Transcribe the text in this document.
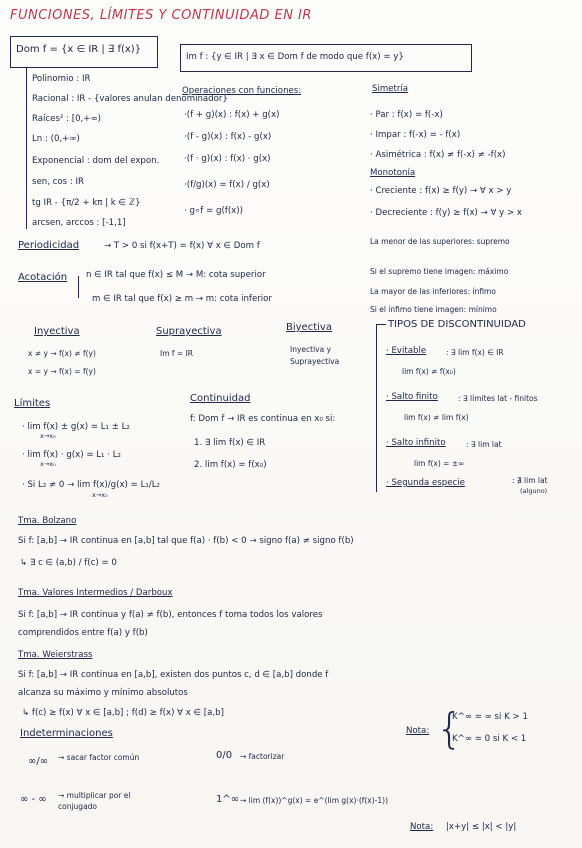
FUNCIONES, LÍMITES Y CONTINUIDAD EN IR
Dom f = {x ∈ IR | ∃ f(x)}
Polinomio : IR
Racional : IR - {valores anulan denominador}
Raíces² : [0,+∞)
Ln : (0,+∞)
Exponencial : dom del expon.
sen, cos : IR
tg IR - {π/2 + kπ | k ∈ ℤ}
arcsen, arccos : [-1,1]
Im f : {y ∈ IR | ∃ x ∈ Dom f de modo que f(x) = y}
Operaciones con funciones:
·(f + g)(x) : f(x) + g(x)
·(f - g)(x) : f(x) - g(x)
·(f · g)(x) : f(x) · g(x)
·(f/g)(x) = f(x) / g(x)
· g∘f = g(f(x))
Simetría
· Par : f(x) = f(-x)
· Impar : f(-x) = - f(x)
· Asimétrica : f(x) ≠ f(-x) ≠ -f(x)
Monotonía
· Creciente : f(x) ≥ f(y) → ∀ x > y
· Decreciente : f(y) ≥ f(x) → ∀ y > x
Periodicidad	→ T > 0 si f(x+T) = f(x) ∀ x ∈ Dom f	La menor de las superiores: supremo
Si el supremo tiene imagen: máximo
La mayor de las inferiores: ínfimo
Si el ínfimo tiene imagen: mínimo
Acotación n ∈ IR tal que f(x) ≤ M → M: cota superior
m ∈ IR tal que f(x) ≥ m → m: cota inferior
Inyectiva
x ≠ y → f(x) ≠ f(y)
x = y → f(x) = f(y)
Suprayectiva
Im f = IR
Biyectiva
Inyectiva y
Suprayectiva
TIPOS DE DISCONTINUIDAD
· Evitable	: ∃ lim f(x) ∈ IR
lim f(x) ≠ f(x₀)
· Salto finito	: ∃ límites lat - finitos
lim f(x) ≠ lim f(x)
· Salto infinito	: ∃ lim lat
lim f(x) = ±∞
· Segunda especie	: ∄ lim lat
(alguno)
Límites
· lim f(x) ± g(x) = L₁ ± L₂
x→x₀
· lim f(x) · g(x) = L₁ · L₂
x→x₀
· Si L₂ ≠ 0 → lim f(x)/g(x) = L₁/L₂
x→x₀
Continuidad
f: Dom f → IR es continua en x₀ si:
1. ∃ lim f(x) ∈ IR
2. lim f(x) = f(x₀)
Tma. Bolzano
Si f: [a,b] → IR continua en [a,b] tal que f(a) · f(b) < 0 → signo f(a) ≠ signo f(b)
↳ ∃ c ∈ (a,b) / f(c) = 0
Tma. Valores Intermedios / Darboux
Si f: [a,b] → IR continua y f(a) ≠ f(b), entonces f toma todos los valores
comprendidos entre f(a) y f(b)
Tma. Weierstrass
Si f: [a,b] → IR continua en [a,b], existen dos puntos c, d ∈ [a,b] donde f
alcanza su máximo y mínimo absolutos
↳ f(c) ≥ f(x) ∀ x ∈ [a,b] ; f(d) ≥ f(x) ∀ x ∈ [a,b]
Nota: {
K^∞ = ∞ si K > 1
K^∞ = 0 si K < 1
Indeterminaciones
∞/∞ → sacar factor común	0/0 → factorizar
∞ - ∞ → multiplicar por el conjugado
1^∞ → lim (f(x))^g(x) = e^(lim g(x)·(f(x)-1))
Nota: |x+y| ≤ |x| < |y|
